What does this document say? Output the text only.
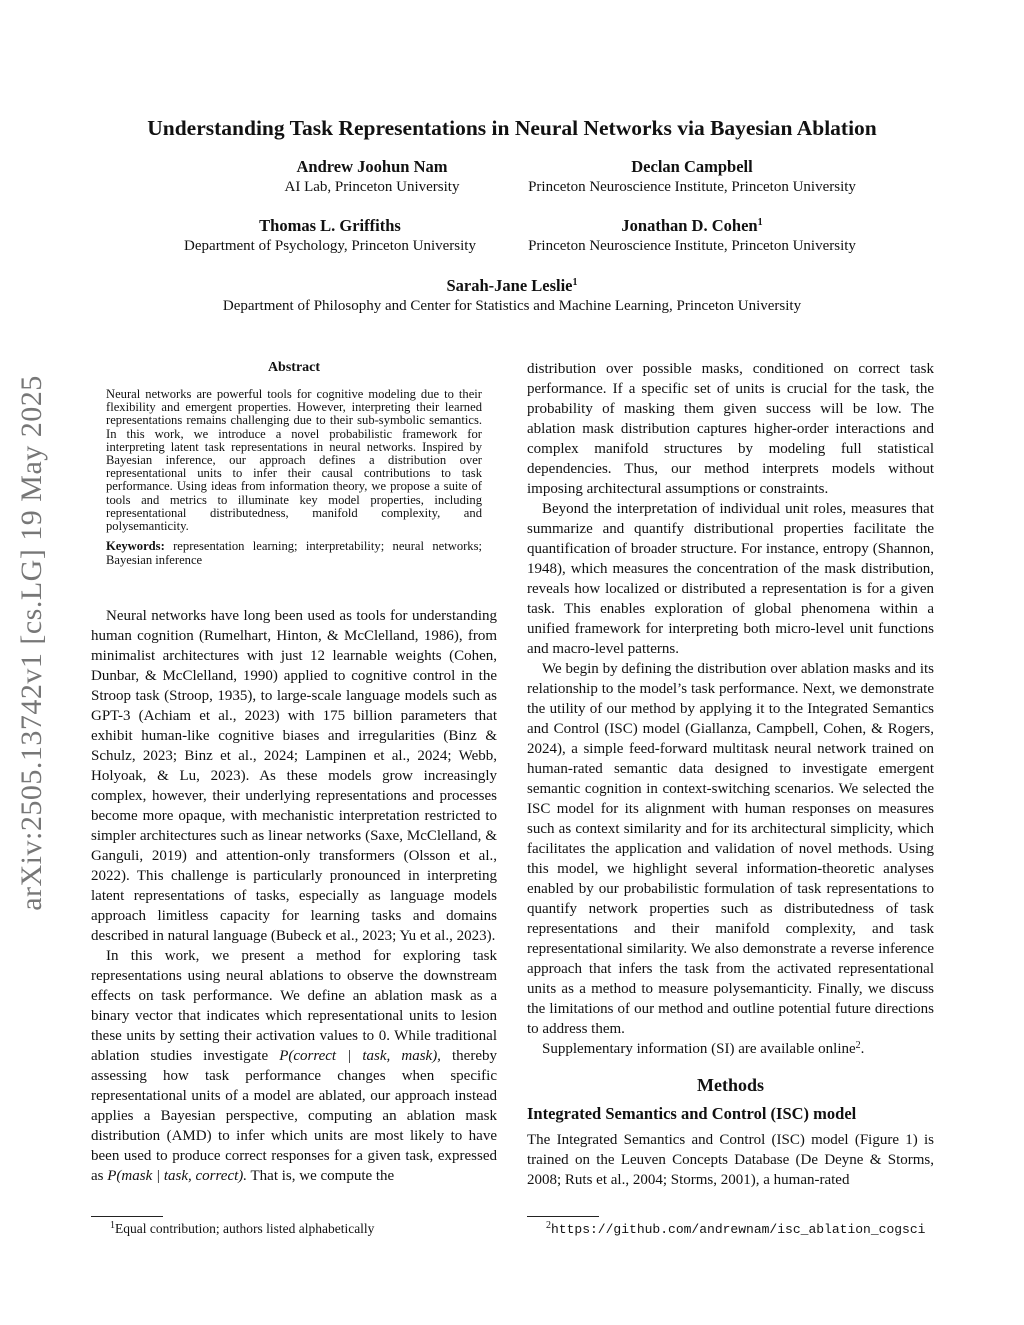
Understanding Task Representations in Neural Networks via Bayesian Ablation
Andrew Joohun Nam
AI Lab, Princeton University
Declan Campbell
Princeton Neuroscience Institute, Princeton University
Thomas L. Griffiths
Department of Psychology, Princeton University
Jonathan D. Cohen$^1$
Princeton Neuroscience Institute, Princeton University
Sarah-Jane Leslie$^1$
Department of Philosophy and Center for Statistics and Machine Learning, Princeton University
arXiv:2505.13742v1 [cs.LG] 19 May 2025
Abstract

Neural networks are powerful tools for cognitive modeling due to their flexibility and emergent properties. However, interpreting their learned representations remains challenging due to their sub-symbolic semantics. In this work, we introduce a novel probabilistic framework for interpreting latent task representations in neural networks. Inspired by Bayesian inference, our approach defines a distribution over representational units to infer their causal contributions to task performance. Using ideas from information theory, we propose a suite of tools and metrics to illuminate key model properties, including representational distributedness, manifold complexity, and polysemanticity.

Keywords: representation learning; interpretability; neural networks; Bayesian inference

Neural networks have long been used as tools for understanding human cognition (Rumelhart, Hinton, & McClelland, 1986), from minimalist architectures with just 12 learnable weights (Cohen, Dunbar, & McClelland, 1990) applied to cognitive control in the Stroop task (Stroop, 1935), to large-scale language models such as GPT-3 (Achiam et al., 2023) with 175 billion parameters that exhibit human-like cognitive biases and irregularities (Binz & Schulz, 2023; Binz et al., 2024; Lampinen et al., 2024; Webb, Holyoak, & Lu, 2023). As these models grow increasingly complex, however, their underlying representations and processes become more opaque, with mechanistic interpretation restricted to simpler architectures such as linear networks (Saxe, McClelland, & Ganguli, 2019) and attention-only transformers (Olsson et al., 2022). This challenge is particularly pronounced in interpreting latent representations of tasks, especially as language models approach limitless capacity for learning tasks and domains described in natural language (Bubeck et al., 2023; Yu et al., 2023).

In this work, we present a method for exploring task representations using neural ablations to observe the downstream effects on task performance. We define an ablation mask as a binary vector that indicates which representational units to lesion these units by setting their activation values to 0. While traditional ablation studies investigate P(correct | task, mask), thereby assessing how task performance changes when specific representational units of a model are ablated, our approach instead applies a Bayesian perspective, computing an ablation mask distribution (AMD) to infer which units are most likely to have been used to produce correct responses for a given task, expressed as P(mask | task, correct). That is, we compute the

$^1$Equal contribution; authors listed alphabetically

distribution over possible masks, conditioned on correct task performance. If a specific set of units is crucial for the task, the probability of masking them given success will be low. The ablation mask distribution captures higher-order interactions and complex manifold structures by modeling full statistical dependencies. Thus, our method interprets models without imposing architectural assumptions or constraints.

Beyond the interpretation of individual unit roles, measures that summarize and quantify distributional properties facilitate the quantification of broader structure. For instance, entropy (Shannon, 1948), which measures the concentration of the mask distribution, reveals how localized or distributed a representation is for a given task. This enables exploration of global phenomena within a unified framework for interpreting both micro-level unit functions and macro-level patterns.

We begin by defining the distribution over ablation masks and its relationship to the model’s task performance. Next, we demonstrate the utility of our method by applying it to the Integrated Semantics and Control (ISC) model (Giallanza, Campbell, Cohen, & Rogers, 2024), a simple feed-forward multitask neural network trained on human-rated semantic data designed to investigate emergent semantic cognition in context-switching scenarios. We selected the ISC model for its alignment with human responses on measures such as context similarity and for its architectural simplicity, which facilitates the application and validation of novel methods. Using this model, we highlight several information-theoretic analyses enabled by our probabilistic formulation of task representations to quantify network properties such as distributedness of task representations and their manifold complexity, and task representational similarity. We also demonstrate a reverse inference approach that infers the task from the activated representational units as a method to measure polysemanticity. Finally, we discuss the limitations of our method and outline potential future directions to address them.

Supplementary information (SI) are available online$^2$.

Methods
Integrated Semantics and Control (ISC) model

The Integrated Semantics and Control (ISC) model (Figure 1) is trained on the Leuven Concepts Database (De Deyne & Storms, 2008; Ruts et al., 2004; Storms, 2001), a human-rated

$^2$https://github.com/andrewnam/isc_ablation_cogsci
